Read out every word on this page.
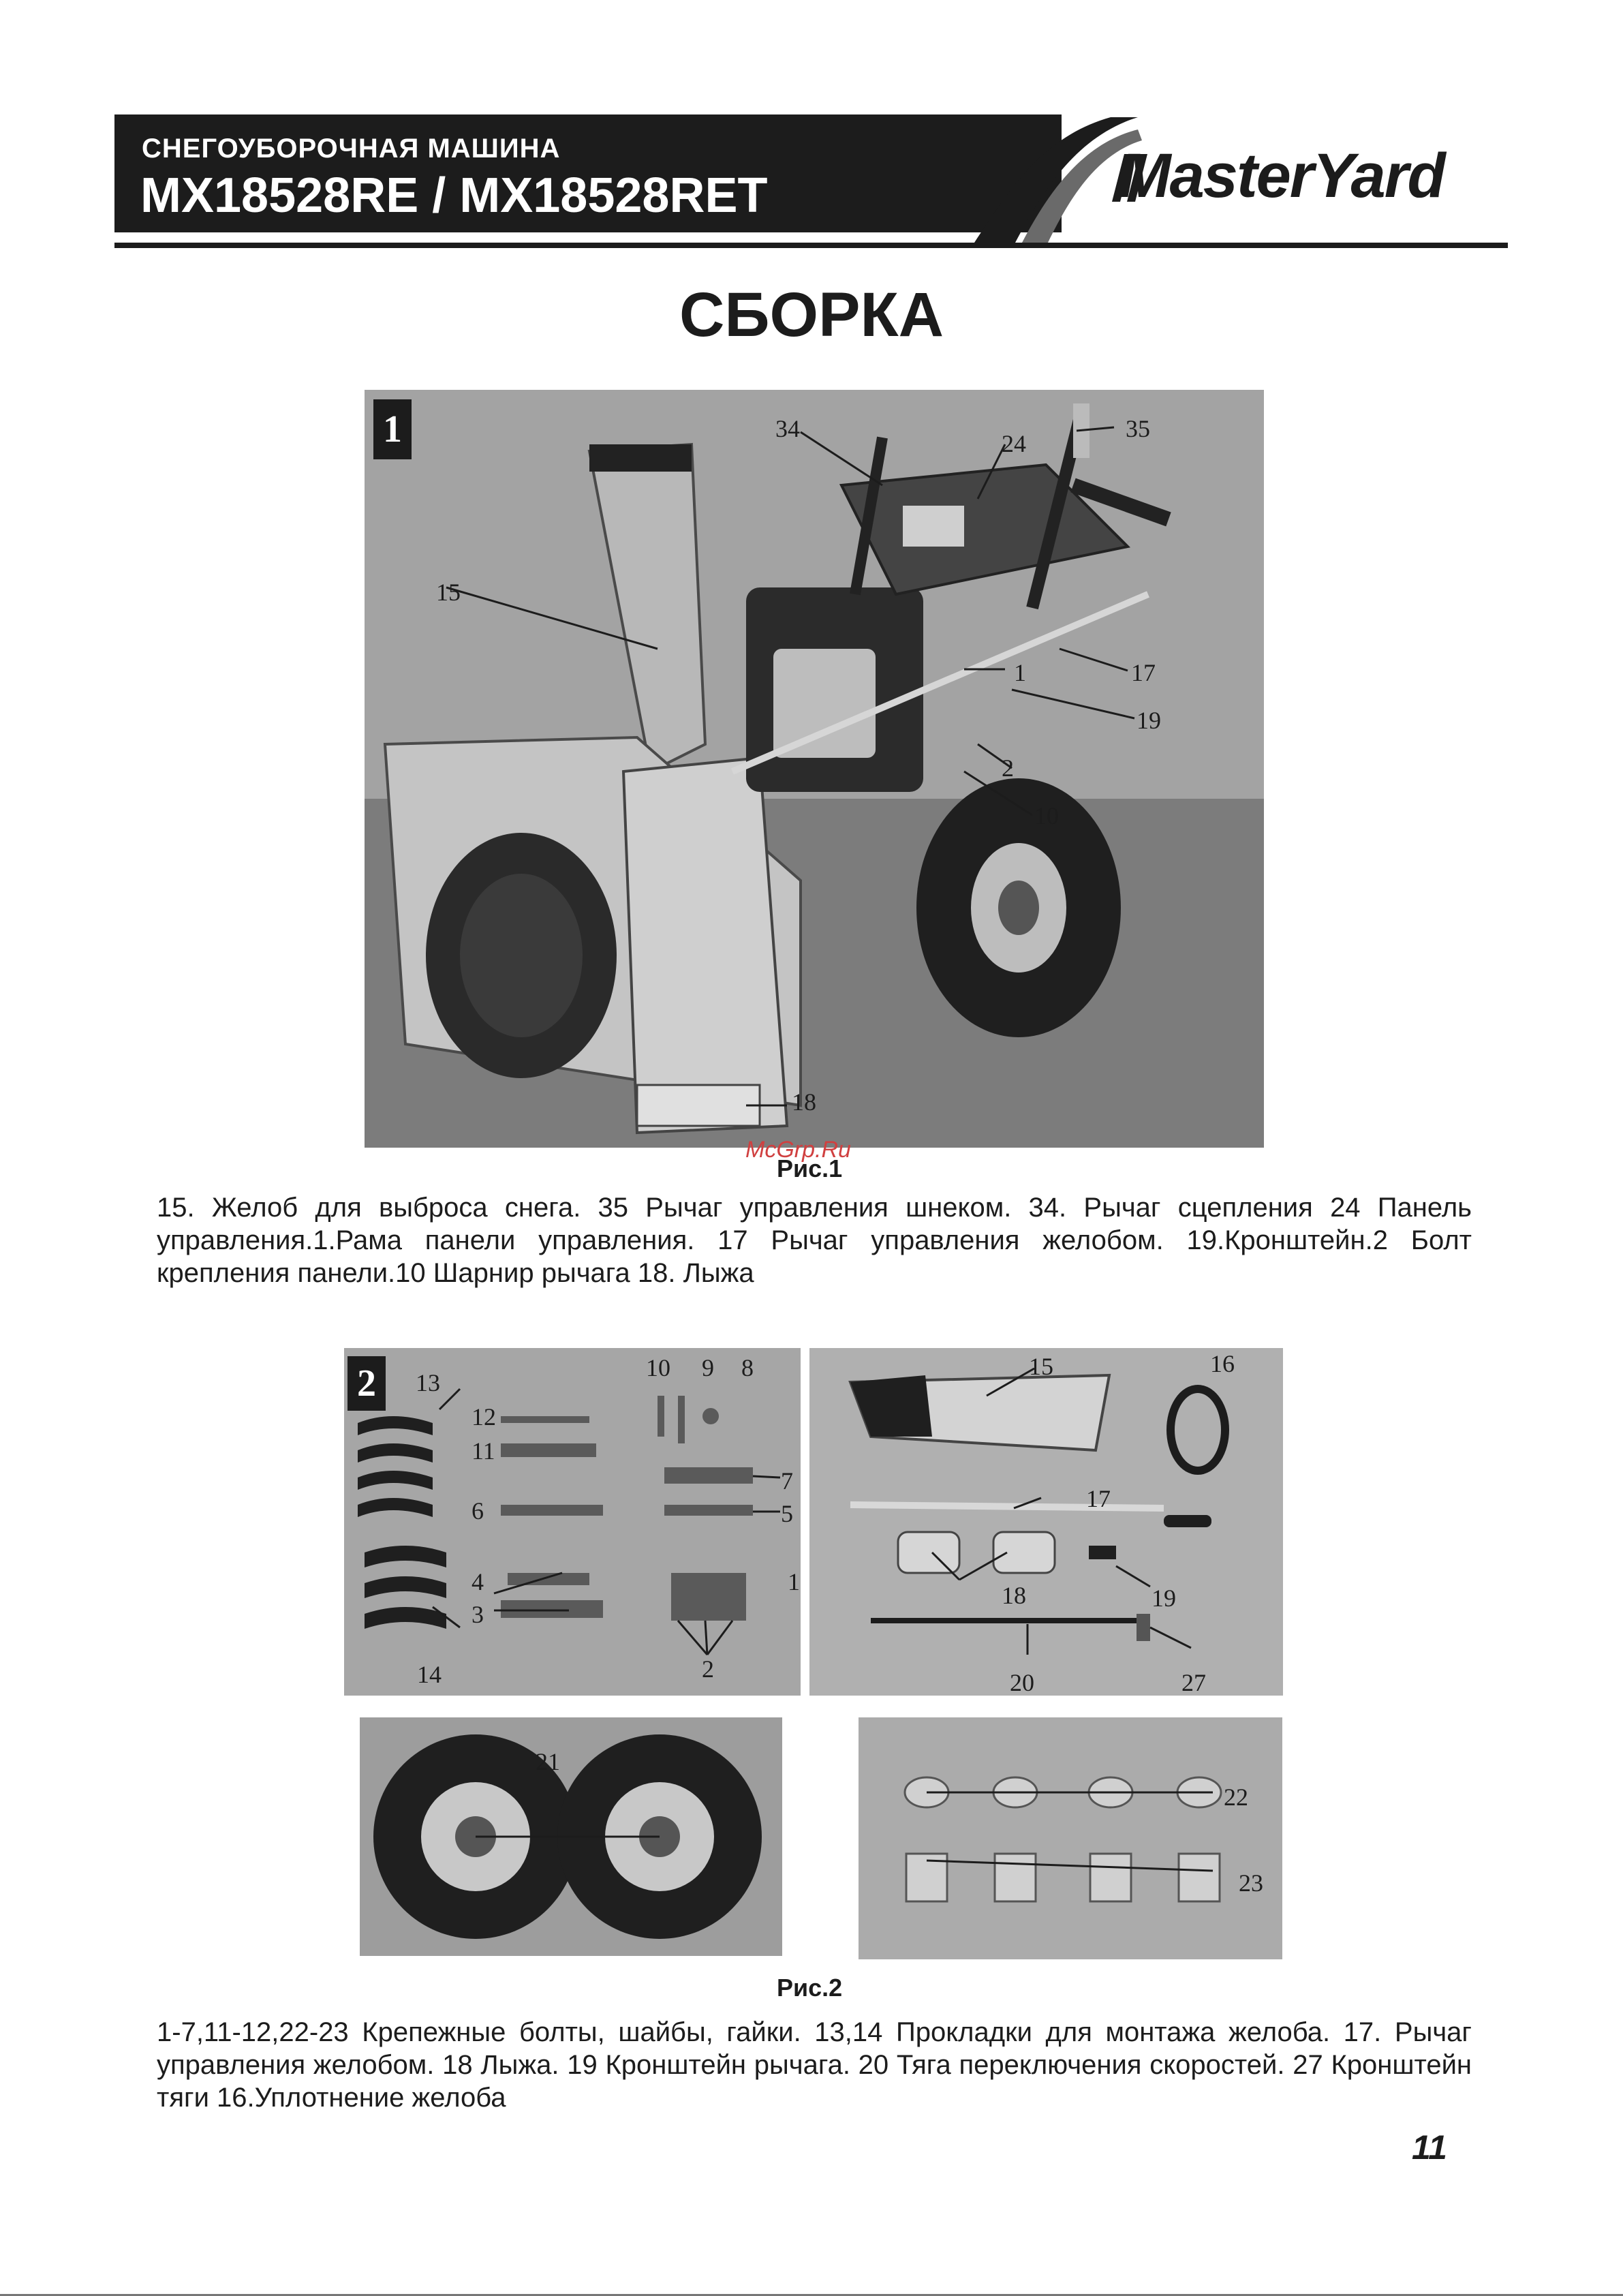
СНЕГОУБОРОЧНАЯ МАШИНА
MX18528RE / MX18528RET	MasterYard
СБОРКА
1	34
24
35
15
1	17
19
2
10
18
McGrp.Ru
Рис.1
15. Желоб для выброса снега. 35 Рычаг управления шнеком. 34. Рычаг сцепления 24 Панель управления.1.Рама панели управления. 17 Рычаг управления желобом. 19.Кронштейн.2 Болт крепления панели.10 Шарнир рычага 18. Лыжа
2	13
12
11
6
4
3
14
10 9 8
7
5
1
2
15	16
17
18	19
20	27
21
22
23
Рис.2
1-7,11-12,22-23 Крепежные болты, шайбы, гайки. 13,14 Прокладки для монтажа желоба. 17. Рычаг управления желобом. 18 Лыжа. 19 Кронштейн рычага. 20 Тяга переключения скоростей. 27 Кронштейн тяги 16.Уплотнение желоба
11
